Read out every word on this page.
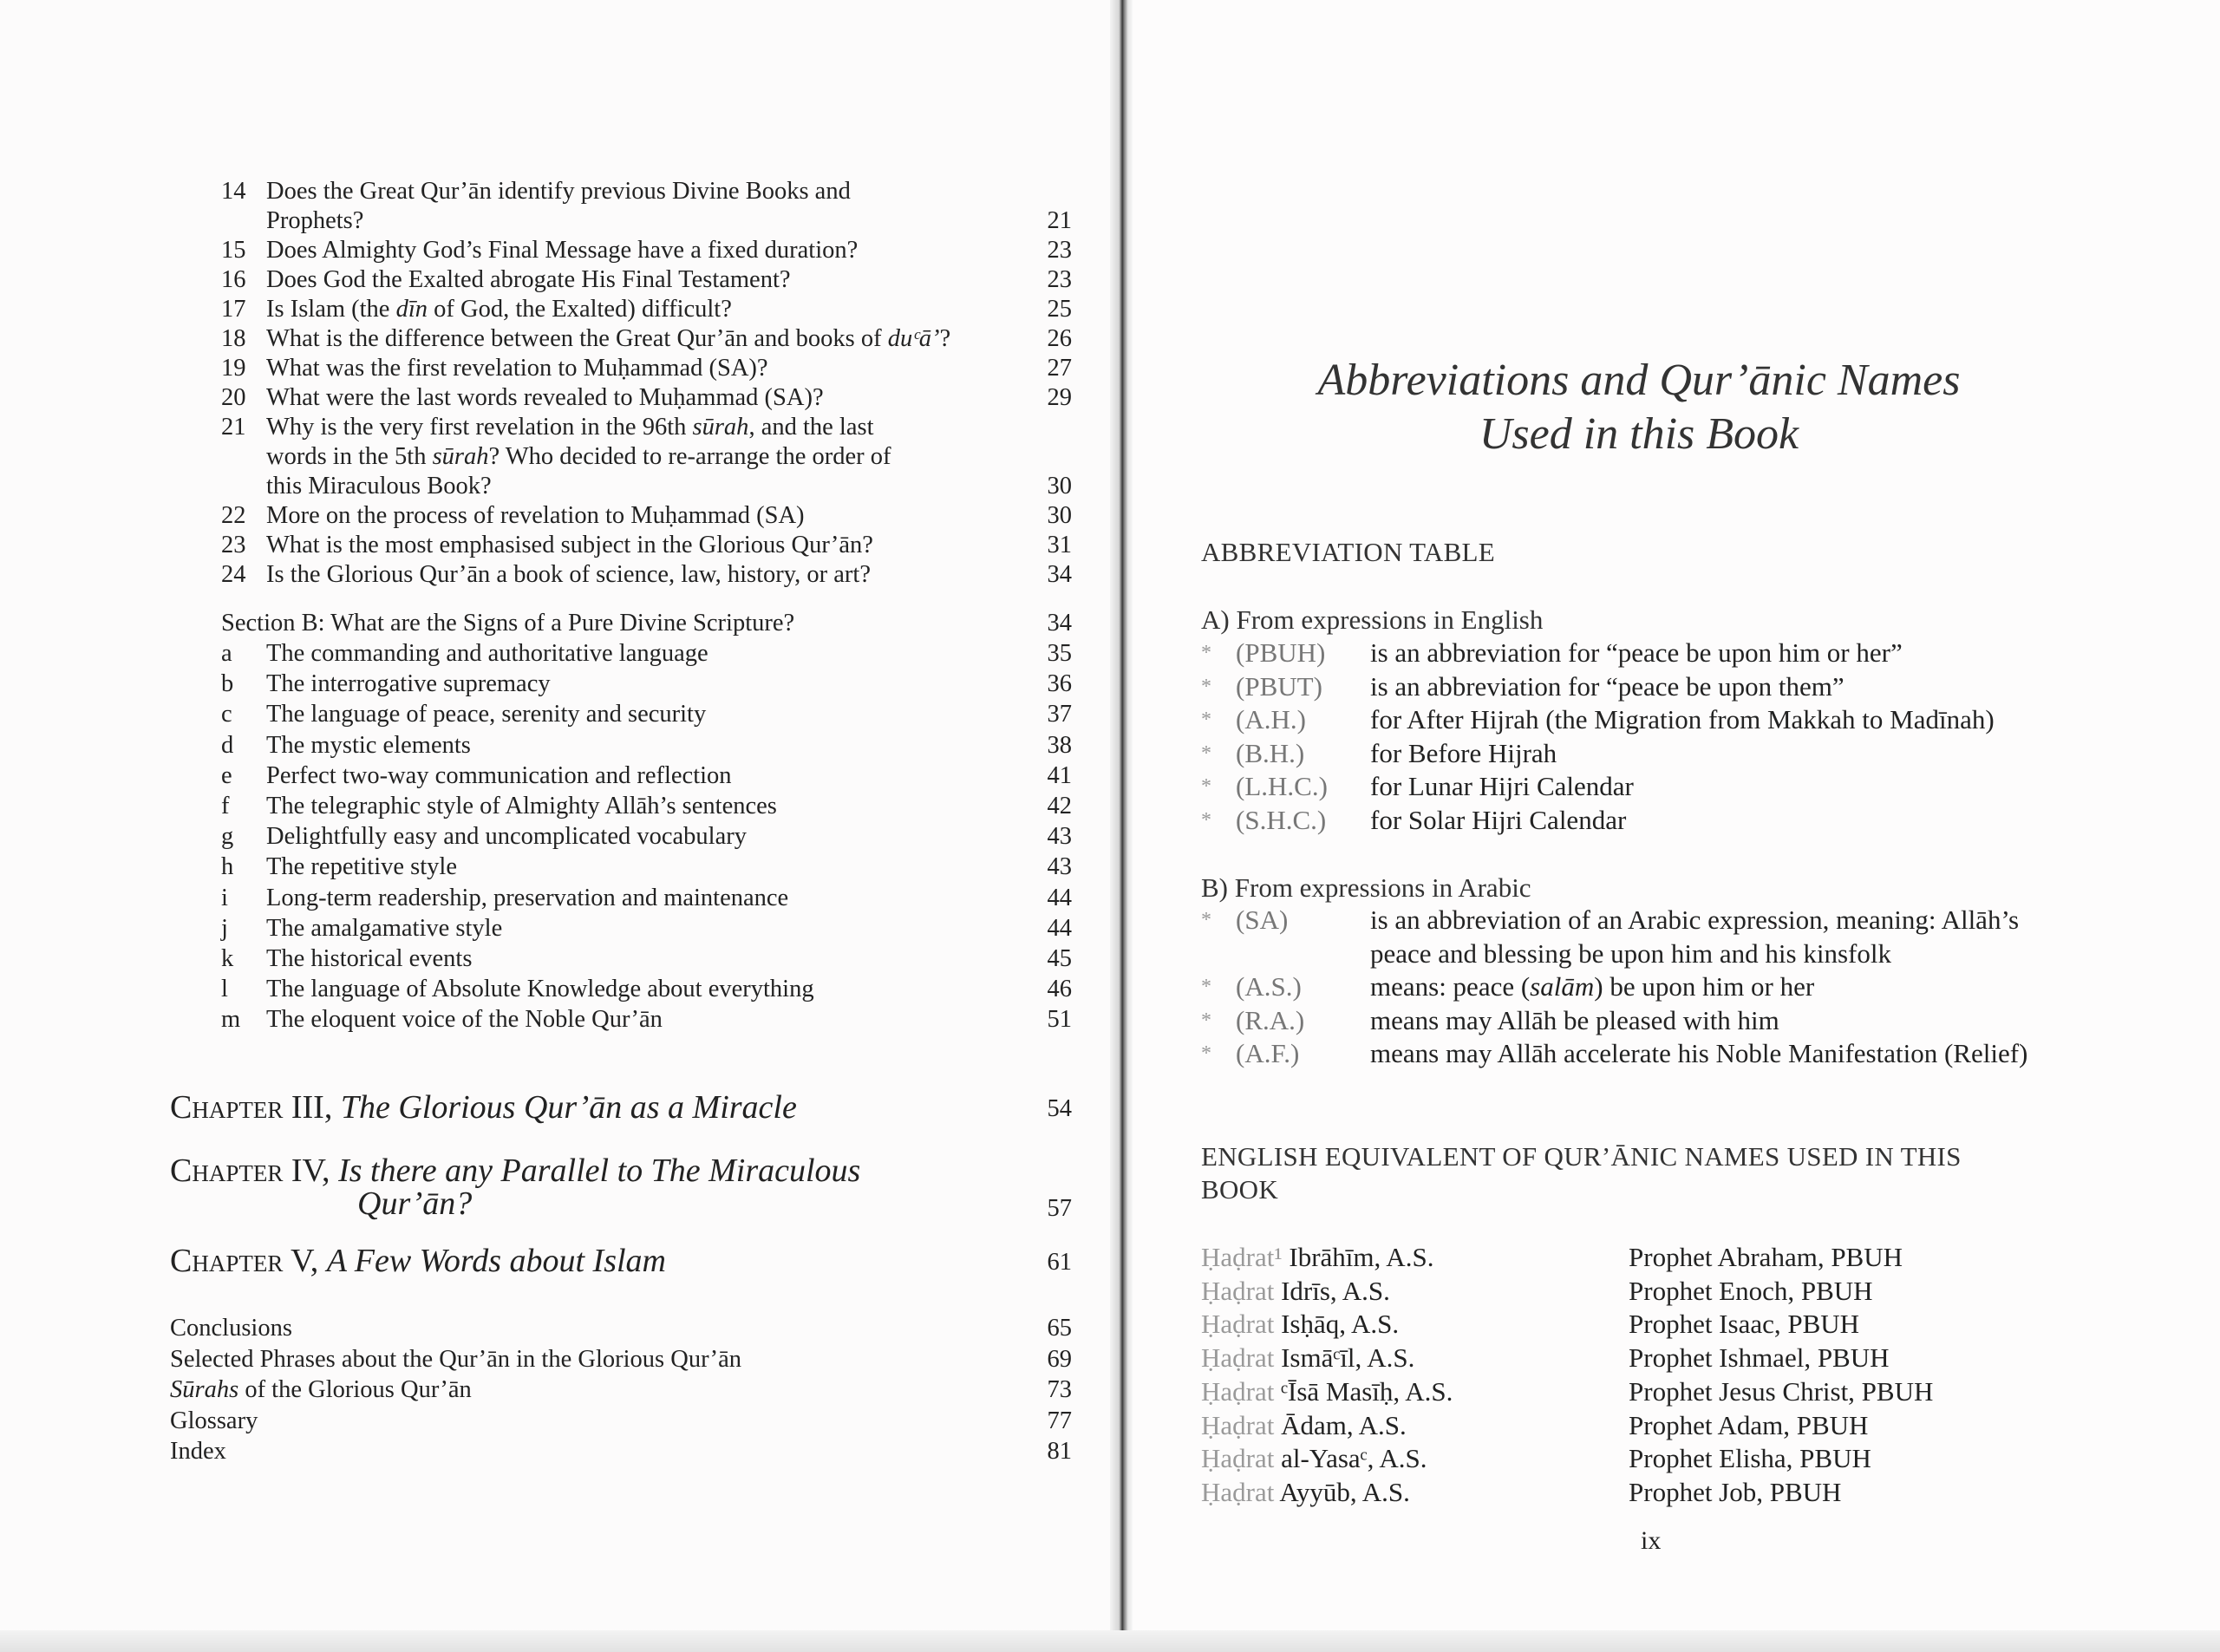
14 Does the Great Qur’ān identify previous Divine Books and
Prophets?	21
15 Does Almighty God’s Final Message have a fixed duration?	23
16 Does God the Exalted abrogate His Final Testament?	23
17 Is Islam (the dīn of God, the Exalted) difficult?	25
18 What is the difference between the Great Qur’ān and books of duᶜā’?	26
19 What was the first revelation to Muḥammad (SA)?	27
20 What were the last words revealed to Muḥammad (SA)?	29
21 Why is the very first revelation in the 96th sūrah, and the last
words in the 5th sūrah? Who decided to re-arrange the order of
this Miraculous Book?	30
22 More on the process of revelation to Muḥammad (SA)	30
23 What is the most emphasised subject in the Glorious Qur’ān?	31
24 Is the Glorious Qur’ān a book of science, law, history, or art?	34
Section B: What are the Signs of a Pure Divine Scripture?	34
a The commanding and authoritative language	35
b The interrogative supremacy	36
c The language of peace, serenity and security	37
d The mystic elements	38
e Perfect two-way communication and reflection	41
f The telegraphic style of Almighty Allāh’s sentences	42
g Delightfully easy and uncomplicated vocabulary	43
h The repetitive style	43
i Long-term readership, preservation and maintenance	44
j The amalgamative style	44
k The historical events	45
l The language of Absolute Knowledge about everything	46
m The eloquent voice of the Noble Qur’ān	51
Chapter III, The Glorious Qur’ān as a Miracle	54
Chapter IV, Is there any Parallel to The Miraculous
Qur’ān?	57
Chapter V, A Few Words about Islam	61
Conclusions	65
Selected Phrases about the Qur’ān in the Glorious Qur’ān	69
Sūrahs of the Glorious Qur’ān	73
Glossary	77
Index	81
Abbreviations and Qur’ānic Names
Used in this Book
ABBREVIATION TABLE
A) From expressions in English
* (PBUH) is an abbreviation for “peace be upon him or her”
* (PBUT) is an abbreviation for “peace be upon them”
* (A.H.) for After Hijrah (the Migration from Makkah to Madīnah)
* (B.H.) for Before Hijrah
* (L.H.C.) for Lunar Hijri Calendar
* (S.H.C.) for Solar Hijri Calendar
B) From expressions in Arabic
* (SA)	is an abbreviation of an Arabic expression, meaning: Allāh’s
peace and blessing be upon him and his kinsfolk
* (A.S.)	means: peace (salām) be upon him or her
* (R.A.) means may Allāh be pleased with him
* (A.F.)	means may Allāh accelerate his Noble Manifestation (Relief)
ENGLISH EQUIVALENT OF QUR’ĀNIC NAMES USED IN THIS
BOOK
Ḥaḍrat¹ Ibrāhīm, A.S.	Prophet Abraham, PBUH
Ḥaḍrat Idrīs, A.S.	Prophet Enoch, PBUH
Ḥaḍrat Isḥāq, A.S.	Prophet Isaac, PBUH
Ḥaḍrat Ismāᶜīl, A.S.	Prophet Ishmael, PBUH
Ḥaḍrat ᶜĪsā Masīḥ, A.S.	Prophet Jesus Christ, PBUH
Ḥaḍrat Ādam, A.S.	Prophet Adam, PBUH
Ḥaḍrat al-Yasaᶜ, A.S.	Prophet Elisha, PBUH
Ḥaḍrat Ayyūb, A.S.	Prophet Job, PBUH
ix
